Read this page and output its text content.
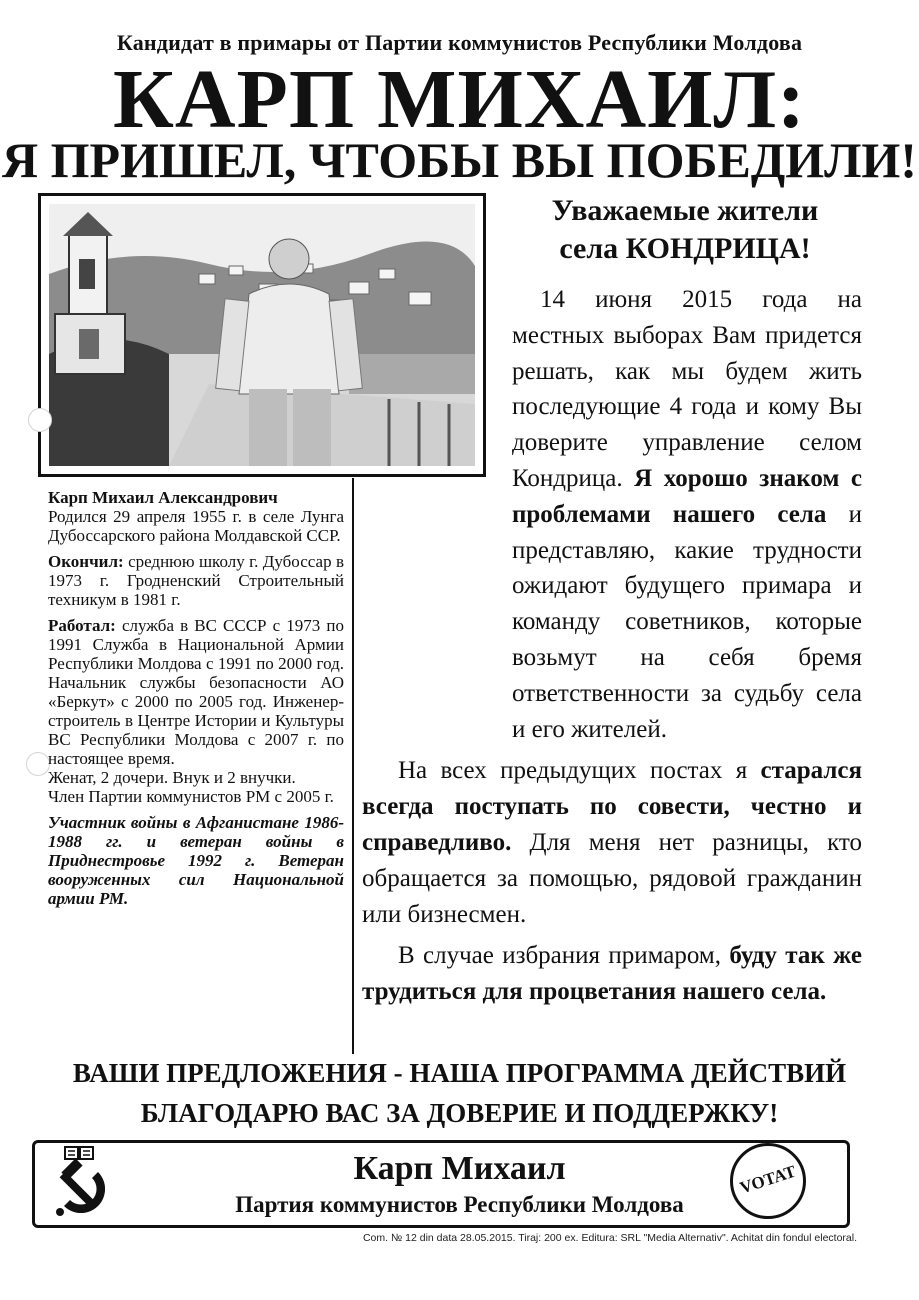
Кандидат в примары от Партии коммунистов Республики Молдова
КАРП МИХАИЛ:
Я ПРИШЕЛ, ЧТОБЫ ВЫ ПОБЕДИЛИ!

Карп Михаил Александрович

Родился 29 апреля 1955 г. в селе Лунга Дубоссарского района Молдавской ССР.

Окончил: среднюю школу г. Дубоссар в 1973 г. Гродненский Строительный техникум в 1981 г.

Работал: служба в ВС СССР с 1973 по 1991 Служба в Национальной Армии Республики Молдова с 1991 по 2000 год. Начальник службы безопасности АО «Беркут» с 2000 по 2005 год. Инженер-строитель в Центре Истории и Культуры ВС Республики Молдова с 2007 г. по настоящее время.

Женат, 2 дочери. Внук и 2 внучки.

Член Партии коммунистов РМ с 2005 г.

Участник войны в Афганистане 1986-1988 гг. и ветеран войны в Приднестровье 1992 г. Ветеран вооруженных сил Национальной армии РМ.

Уважаемые жители
села КОНДРИЦА!

14 июня 2015 года на местных выборах Вам придется решать, как мы будем жить последующие 4 года и кому Вы доверите управление селом Кондрица. Я хорошо знаком с проблемами нашего села и представляю, какие трудности ожидают будущего примара и команду советников, которые возьмут на себя бремя ответственности за судьбу села и его жителей.

На всех предыдущих постах я старался всегда поступать по совести, честно и справедливо. Для меня нет разницы, кто обращается за помощью, рядовой гражданин или бизнесмен.

В случае избрания примаром, буду так же трудиться для процветания нашего села.

ВАШИ ПРЕДЛОЖЕНИЯ - НАША ПРОГРАММА ДЕЙСТВИЙ
БЛАГОДАРЮ ВАС ЗА ДОВЕРИЕ И ПОДДЕРЖКУ!
Карп Михаил
Партия коммунистов Республики Молдова
VOTAT
Com. № 12 din data 28.05.2015. Tiraj: 200 ex. Editura: SRL "Media Alternativ". Achitat din fondul electoral.
